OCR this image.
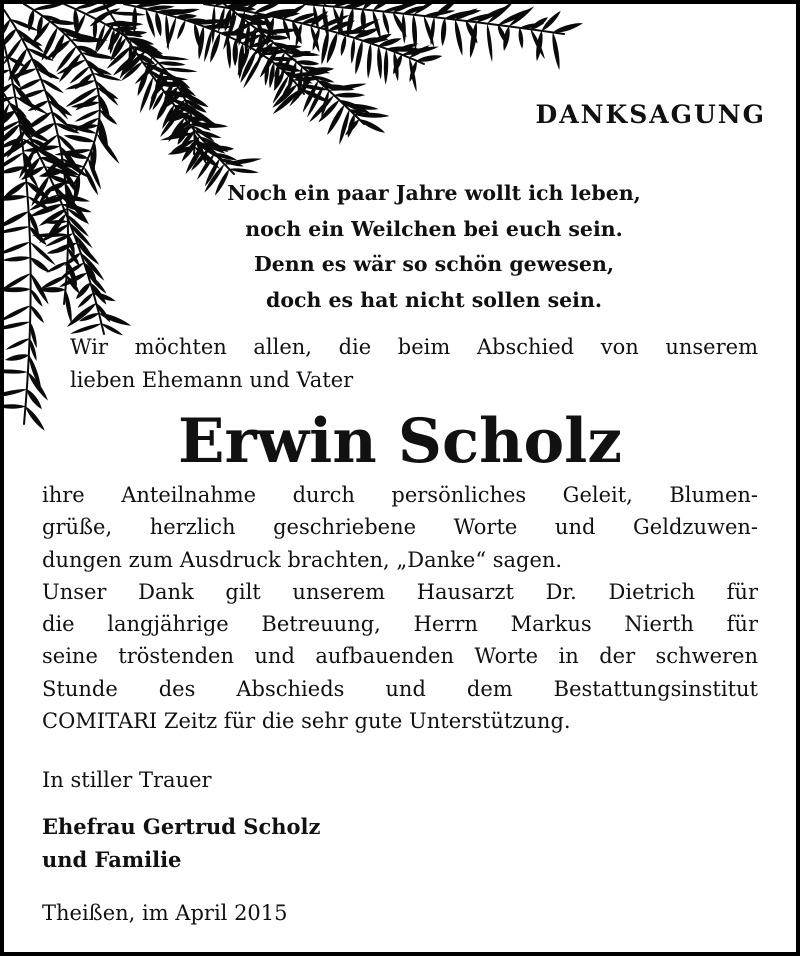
DANKSAGUNG
Noch ein paar Jahre wollt ich leben,
noch ein Weilchen bei euch sein.
Denn es wär so schön gewesen,
doch es hat nicht sollen sein.
Wir möchten allen, die beim Abschied von unserem
lieben Ehemann und Vater
Erwin Scholz
ihre Anteilnahme durch persönliches Geleit, Blumen-
grüße, herzlich geschriebene Worte und Geldzuwen-
dungen zum Ausdruck brachten, „Danke“ sagen.
Unser Dank gilt unserem Hausarzt Dr. Dietrich für
die langjährige Betreuung, Herrn Markus Nierth für
seine tröstenden und aufbauenden Worte in der schweren
Stunde des Abschieds und dem Bestattungsinstitut
COMITARI Zeitz für die sehr gute Unterstützung.
In stiller Trauer
Ehefrau Gertrud Scholz
und Familie
Theißen, im April 2015
